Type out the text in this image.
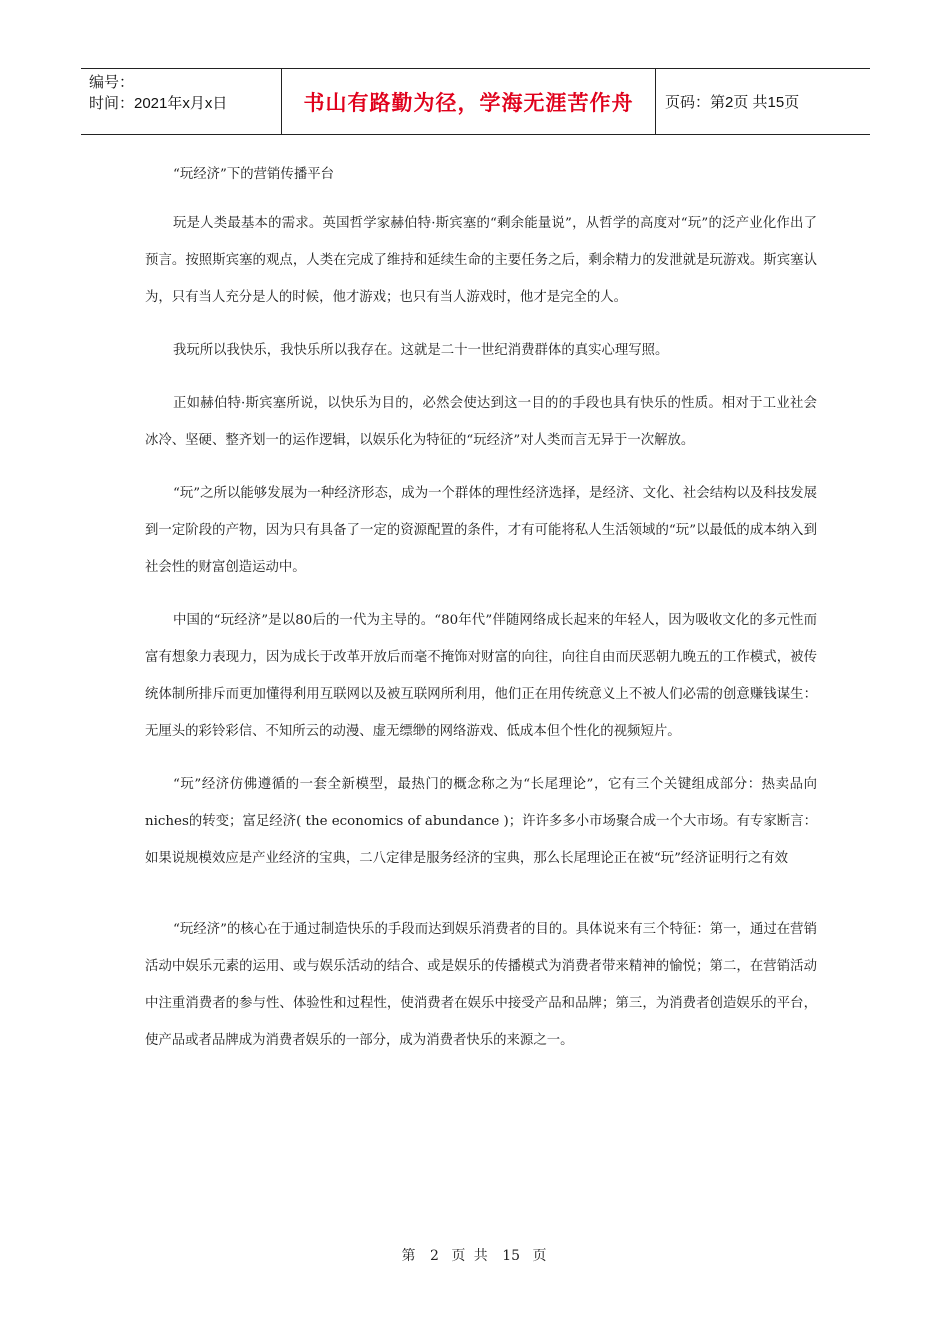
编号：
时间：2021年x月x日	书山有路勤为径，学海无涯苦作舟 页码：第2页 共15页

“玩经济”下的营销传播平台

玩是人类最基本的需求。英国哲学家赫伯特·斯宾塞的“剩余能量说”，从哲学的高度对“玩”的泛产业化作出了预言。按照斯宾塞的观点，人类在完成了维持和延续生命的主要任务之后，剩余精力的发泄就是玩游戏。斯宾塞认为，只有当人充分是人的时候，他才游戏；也只有当人游戏时，他才是完全的人。

我玩所以我快乐，我快乐所以我存在。这就是二十一世纪消费群体的真实心理写照。

正如赫伯特·斯宾塞所说，以快乐为目的，必然会使达到这一目的的手段也具有快乐的性质。相对于工业社会冰冷、坚硬、整齐划一的运作逻辑，以娱乐化为特征的“玩经济”对人类而言无异于一次解放。

“玩”之所以能够发展为一种经济形态，成为一个群体的理性经济选择，是经济、文化、社会结构以及科技发展到一定阶段的产物，因为只有具备了一定的资源配置的条件，才有可能将私人生活领域的“玩”以最低的成本纳入到社会性的财富创造运动中。

中国的“玩经济”是以80后的一代为主导的。“80年代”伴随网络成长起来的年轻人，因为吸收文化的多元性而富有想象力表现力，因为成长于改革开放后而毫不掩饰对财富的向往，向往自由而厌恶朝九晚五的工作模式，被传统体制所排斥而更加懂得利用互联网以及被互联网所利用，他们正在用传统意义上不被人们必需的创意赚钱谋生：无厘头的彩铃彩信、不知所云的动漫、虚无缥缈的网络游戏、低成本但个性化的视频短片。

“玩”经济仿佛遵循的一套全新模型，最热门的概念称之为“长尾理论”，它有三个关键组成部分：热卖品向niches的转变；富足经济( the economics of abundance )；许许多多小市场聚合成一个大市场。有专家断言：如果说规模效应是产业经济的宝典，二八定律是服务经济的宝典，那么长尾理论正在被“玩”经济证明行之有效

“玩经济”的核心在于通过制造快乐的手段而达到娱乐消费者的目的。具体说来有三个特征：第一，通过在营销活动中娱乐元素的运用、或与娱乐活动的结合、或是娱乐的传播模式为消费者带来精神的愉悦；第二，在营销活动中注重消费者的参与性、体验性和过程性，使消费者在娱乐中接受产品和品牌；第三，为消费者创造娱乐的平台，使产品或者品牌成为消费者娱乐的一部分，成为消费者快乐的来源之一。

第 2 页 共 15 页
